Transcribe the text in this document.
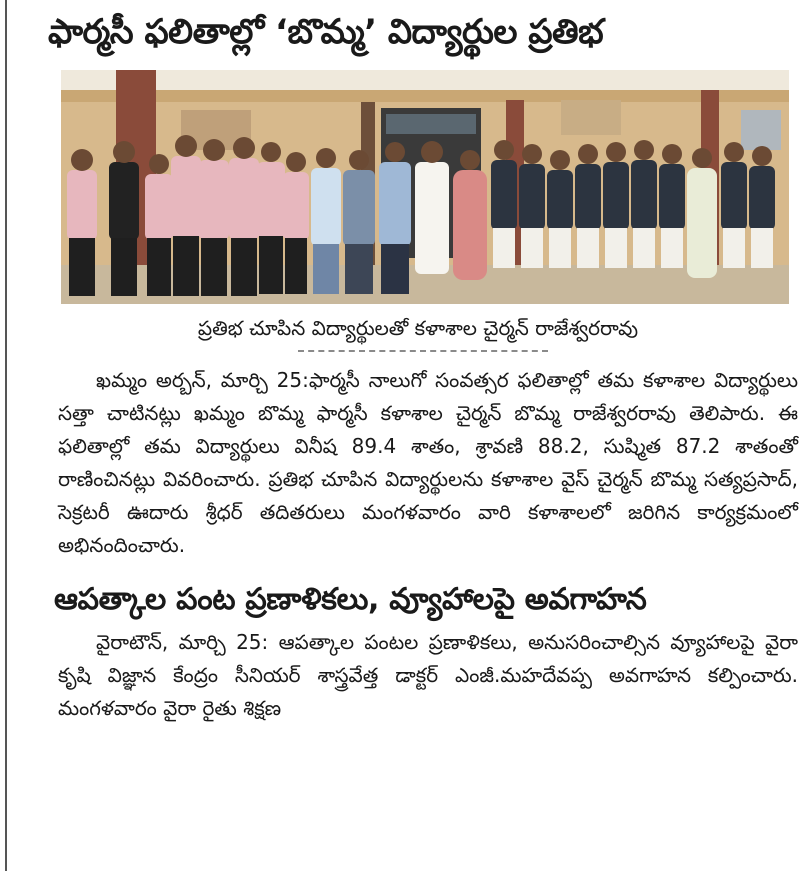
ఫార్మసీ ఫలితాల్లో ‘బొమ్మ’ విద్యార్థుల ప్రతిభ
ప్రతిభ చూపిన విద్యార్థులతో కళాశాల చైర్మన్ రాజేశ్వరరావు

ఖమ్మం అర్బన్, మార్చి 25:ఫార్మసీ నాలుగో సంవత్సర ఫలితాల్లో తమ కళాశాల విద్యార్థులు సత్తా చాటినట్లు ఖమ్మం బొమ్మ ఫార్మసీ కళాశాల చైర్మన్ బొమ్మ రాజేశ్వరరావు తెలిపారు. ఈ ఫలితాల్లో తమ విద్యార్థులు వినీష 89.4 శాతం, శ్రావణి 88.2, సుష్మిత 87.2 శాతంతో రాణించినట్లు వివరించారు. ప్రతిభ చూపిన విద్యార్థులను కళాశాల వైస్ చైర్మన్ బొమ్మ సత్యప్రసాద్, సెక్రటరీ ఊదారు శ్రీధర్ తదితరులు మంగళవారం వారి కళాశాలలో జరిగిన కార్యక్రమంలో అభినందించారు.

ఆపత్కాల పంట ప్రణాళికలు, వ్యూహాలపై అవగాహన

వైరాటౌన్, మార్చి 25: ఆపత్కాల పంటల ప్రణాళికలు, అనుసరించాల్సిన వ్యూహాలపై వైరా కృషి విజ్ఞాన కేంద్రం సీనియర్ శాస్త్రవేత్త డాక్టర్ ఎంజీ.మహదేవప్ప అవగాహన కల్పించారు. మంగళవారం వైరా రైతు శిక్షణ
